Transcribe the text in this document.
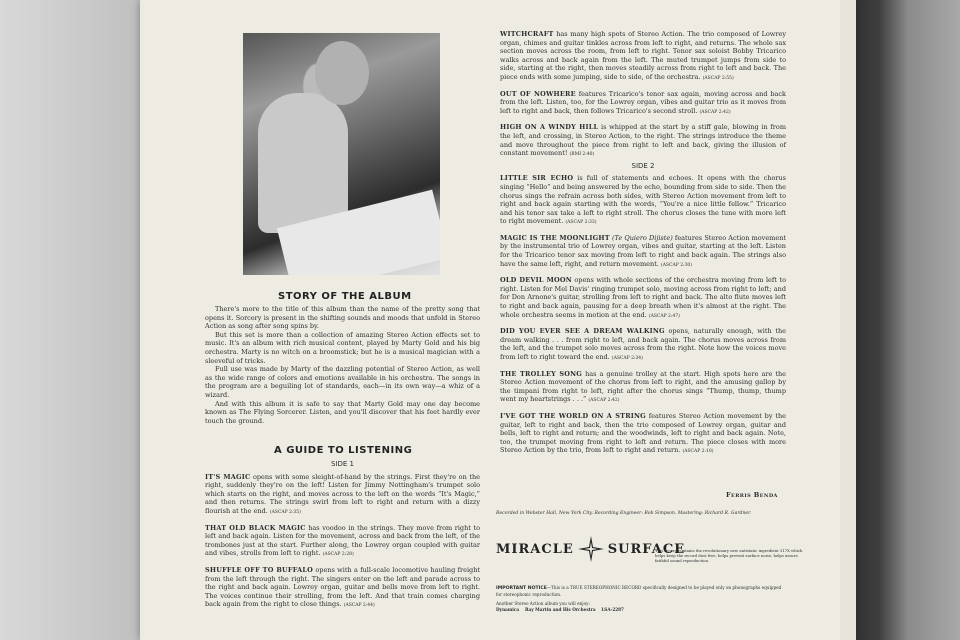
STORY OF THE ALBUM

There's more to the title of this album than the name of the pretty song that opens it. Sorcery is present in the shifting sounds and moods that unfold in Stereo Action as song after song spins by.

But this set is more than a collection of amazing Stereo Action effects set to music. It's an album with rich musical content, played by Marty Gold and his big orchestra. Marty is no witch on a broomstick; but he is a musical magician with a sleeveful of tricks.

Full use was made by Marty of the dazzling potential of Stereo Action, as well as the wide range of colors and emotions available in his orchestra. The songs in the program are a beguiling lot of standards, each—in its own way—a whiz of a wizard.

And with this album it is safe to say that Marty Gold may one day become known as The Flying Sorcerer. Listen, and you'll discover that his feet hardly ever touch the ground.

A GUIDE TO LISTENING
SIDE 1

IT'S MAGIC opens with some sleight-of-hand by the strings. First they're on the right, suddenly they're on the left! Listen for Jimmy Nottingham's trumpet solo which starts on the right, and moves across to the left on the words “It's Magic,” and then returns. The strings swirl from left to right and return with a dizzy flourish at the end. (ASCAP 2:35)

THAT OLD BLACK MAGIC has voodoo in the strings. They move from right to left and back again. Listen for the movement, across and back from the left, of the trombones just at the start. Further along, the Lowrey organ coupled with guitar and vibes, strolls from left to right. (ASCAP 2:28)

SHUFFLE OFF TO BUFFALO opens with a full-scale locomotive hauling freight from the left through the right. The singers enter on the left and parade across to the right and back again. Lowrey organ, guitar and bells move from left to right. The voices continue their strolling, from the left. And that train comes charging back again from the right to close things. (ASCAP 2:44)

WITCHCRAFT has many high spots of Stereo Action. The trio composed of Lowrey organ, chimes and guitar tinkles across from left to right, and returns. The whole sax section moves across the room, from left to right. Tenor sax soloist Bobby Tricarico walks across and back again from the left. The muted trumpet jumps from side to side, starting at the right, then moves steadily across from right to left and back. The piece ends with some jumping, side to side, of the orchestra. (ASCAP 2:55)

OUT OF NOWHERE features Tricarico's tenor sax again, moving across and back from the left. Listen, too, for the Lowrey organ, vibes and guitar trio as it moves from left to right and back, then follows Tricarico's second stroll. (ASCAP 2:42)

HIGH ON A WINDY HILL is whipped at the start by a stiff gale, blowing in from the left, and crossing, in Stereo Action, to the right. The strings introduce the theme and move throughout the piece from right to left and back, giving the illusion of constant movement! (BMI 2:40)

SIDE 2

LITTLE SIR ECHO is full of statements and echoes. It opens with the chorus singing “Hello” and being answered by the echo, bounding from side to side. Then the chorus sings the refrain across both sides, with Stereo Action movement from left to right and back again starting with the words, “You're a nice little fellow.” Tricarico and his tenor sax take a left to right stroll. The chorus closes the tune with more left to right movement. (ASCAP 2:33)

MAGIC IS THE MOONLIGHT (Te Quiero Dijiste) features Stereo Action movement by the instrumental trio of Lowrey organ, vibes and guitar, starting at the left. Listen for the Tricarico tenor sax moving from left to right and back again. The strings also have the same left, right, and return movement. (ASCAP 2:30)

OLD DEVIL MOON opens with whole sections of the orchestra moving from left to right. Listen for Mel Davis' ringing trumpet solo, moving across from right to left; and for Don Arnone's guitar, strolling from left to right and back. The alto flute moves left to right and back again, pausing for a deep breath when it's almost at the right. The whole orchestra seems in motion at the end. (ASCAP 2:47)

DID YOU EVER SEE A DREAM WALKING opens, naturally enough, with the dream walking . . . from right to left, and back again. The chorus moves across from the left, and the trumpet solo moves across from the right. Note how the voices move from left to right toward the end. (ASCAP 2:34)

THE TROLLEY SONG has a genuine trolley at the start. High spots here are the Stereo Action movement of the chorus from left to right, and the amusing gallop by the timpani from right to left, right after the chorus sings “Thump, thump, thump went my heartstrings . . .” (ASCAP 2:42)

I'VE GOT THE WORLD ON A STRING features Stereo Action movement by the guitar, left to right and back, then the trio composed of Lowrey organ, guitar and bells, left to right and return; and the woodwinds, left to right and back again. Note, too, the trumpet moving from right to left and return. The piece closes with more Stereo Action by the trio, from left to right and return. (ASCAP 2:10)

Ferris Benda
Recorded in Webster Hall, New York City. Recording Engineer: Bob Simpson. Mastering: Richard R. Gardner.
MIRACLE	SURFACE
This record contains the revolutionary new antistatic ingredient 317X which helps keep the record dust free, helps prevent surface noise, helps assure faithful sound reproduction.
IMPORTANT NOTICE—This is a TRUE STEREOPHONIC RECORD specifically designed to be played only on phonographs equipped for stereophonic reproduction.
Another Stereo Action album you will enjoy:
Dynamica    Ray Martin and His Orchestra    LSA-2287
